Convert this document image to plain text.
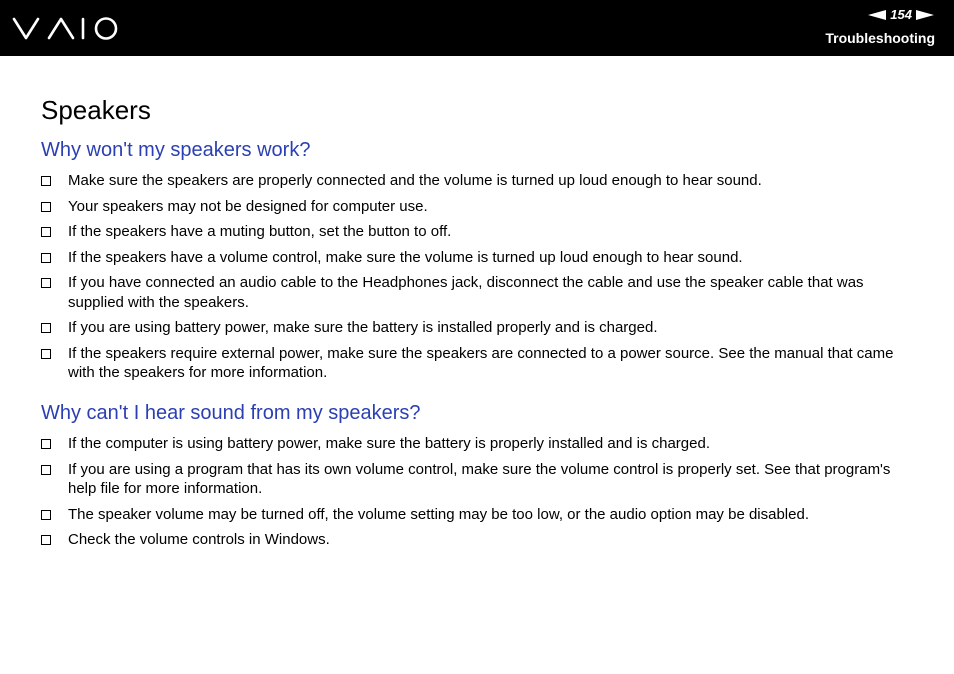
154
Troubleshooting
Speakers
Why won't my speakers work?
Make sure the speakers are properly connected and the volume is turned up loud enough to hear sound.
Your speakers may not be designed for computer use.
If the speakers have a muting button, set the button to off.
If the speakers have a volume control, make sure the volume is turned up loud enough to hear sound.
If you have connected an audio cable to the Headphones jack, disconnect the cable and use the speaker cable that was supplied with the speakers.
If you are using battery power, make sure the battery is installed properly and is charged.
If the speakers require external power, make sure the speakers are connected to a power source. See the manual that came with the speakers for more information.
Why can't I hear sound from my speakers?
If the computer is using battery power, make sure the battery is properly installed and is charged.
If you are using a program that has its own volume control, make sure the volume control is properly set. See that program's help file for more information.
The speaker volume may be turned off, the volume setting may be too low, or the audio option may be disabled.
Check the volume controls in Windows.
